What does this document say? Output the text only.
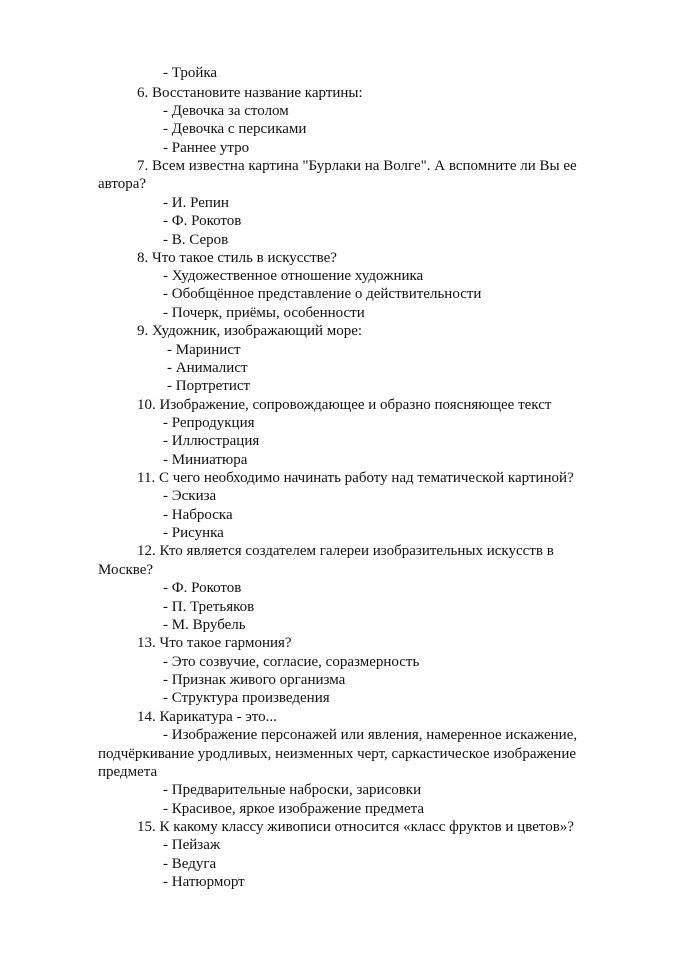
- Тройка
6. Восстановите название картины:
- Девочка за столом
- Девочка с персиками
- Раннее утро
7. Всем известна картина "Бурлаки на Волге". А вспомните ли Вы ее
автора?
- И. Репин
- Ф. Рокотов
- В. Серов
8. Что такое стиль в искусстве?
- Художественное отношение художника
- Обобщённое представление о действительности
- Почерк, приёмы, особенности
9. Художник, изображающий море:
- Маринист
- Анималист
- Портретист
10. Изображение, сопровождающее и образно поясняющее текст
- Репродукция
- Иллюстрация
- Миниатюра
11. С чего необходимо начинать работу над тематической картиной?
- Эскиза
- Наброска
- Рисунка
12. Кто является создателем галереи изобразительных искусств в
Москве?
- Ф. Рокотов
- П. Третьяков
- М. Врубель
13. Что такое гармония?
- Это созвучие, согласие, соразмерность
- Признак живого организма
- Структура произведения
14. Карикатура - это...
- Изображение персонажей или явления, намеренное искажение,
подчёркивание уродливых, неизменных черт, саркастическое изображение
предмета
- Предварительные наброски, зарисовки
- Красивое, яркое изображение предмета
15. К какому классу живописи относится «класс фруктов и цветов»?
- Пейзаж
- Ведуга
- Натюрморт
